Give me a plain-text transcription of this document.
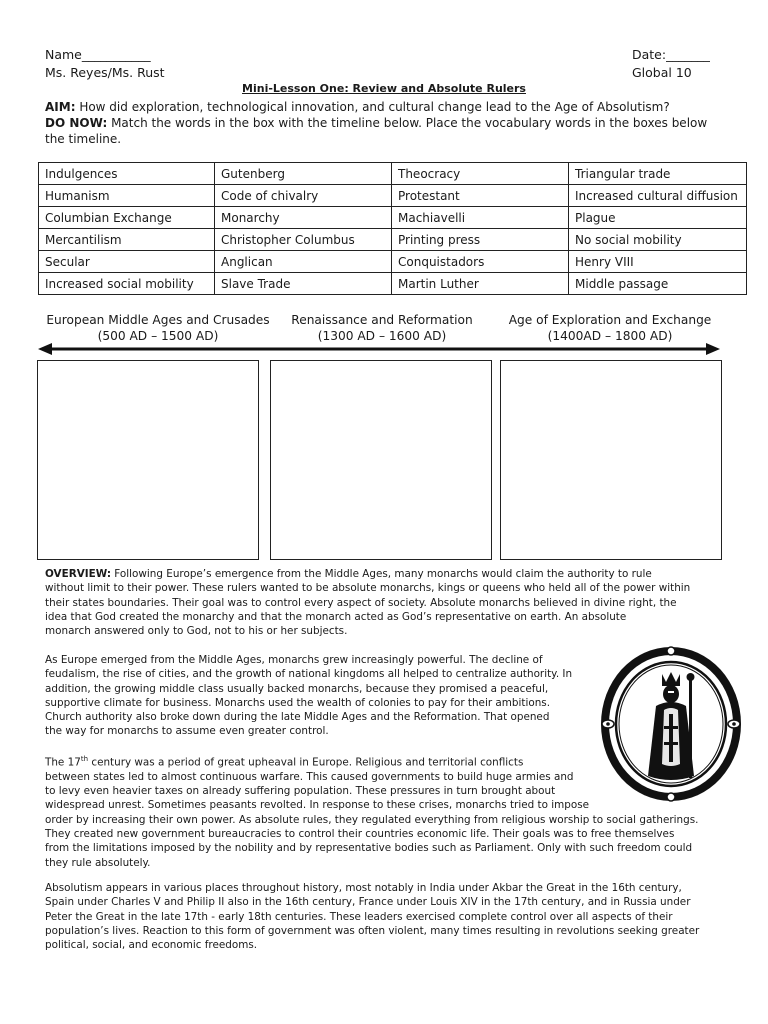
Name___________
Ms. Reyes/Ms. Rust
Date:_______
Global 10
Mini-Lesson One: Review and Absolute Rulers
AIM: How did exploration, technological innovation, and cultural change lead to the Age of Absolutism?
DO NOW: Match the words in the box with the timeline below. Place the vocabulary words in the boxes below the timeline.
Indulgences	Gutenberg	Theocracy	Triangular trade
Humanism	Code of chivalry	Protestant	Increased cultural diffusion
Columbian Exchange	Monarchy	Machiavelli	Plague
Mercantilism	Christopher Columbus	Printing press	No social mobility
Secular	Anglican	Conquistadors	Henry VIII
Increased social mobility	Slave Trade	Martin Luther	Middle passage
European Middle Ages and Crusades
(500 AD – 1500 AD)
Renaissance and Reformation
(1300 AD – 1600 AD)
Age of Exploration and Exchange
(1400AD – 1800 AD)
OVERVIEW: Following Europe’s emergence from the Middle Ages, many monarchs would claim the authority to rule
without limit to their power. These rulers wanted to be absolute monarchs, kings or queens who held all of the power within
their states boundaries. Their goal was to control every aspect of society. Absolute monarchs believed in divine right, the
idea that God created the monarchy and that the monarch acted as God’s representative on earth. An absolute
monarch answered only to God, not to his or her subjects.
As Europe emerged from the Middle Ages, monarchs grew increasingly powerful. The decline of
feudalism, the rise of cities, and the growth of national kingdoms all helped to centralize authority. In
addition, the growing middle class usually backed monarchs, because they promised a peaceful,
supportive climate for business. Monarchs used the wealth of colonies to pay for their ambitions.
Church authority also broke down during the late Middle Ages and the Reformation. That opened
the way for monarchs to assume even greater control.
The 17th century was a period of great upheaval in Europe. Religious and territorial conflicts
between states led to almost continuous warfare. This caused governments to build huge armies and
to levy even heavier taxes on already suffering population. These pressures in turn brought about
widespread unrest. Sometimes peasants revolted. In response to these crises, monarchs tried to impose
order by increasing their own power. As absolute rules, they regulated everything from religious worship to social gatherings.
They created new government bureaucracies to control their countries economic life. Their goals was to free themselves
from the limitations imposed by the nobility and by representative bodies such as Parliament. Only with such freedom could
they rule absolutely.
Absolutism appears in various places throughout history, most notably in India under Akbar the Great in the 16th century,
Spain under Charles V and Philip II also in the 16th century, France under Louis XIV in the 17th century, and in Russia under
Peter the Great in the late 17th - early 18th centuries. These leaders exercised complete control over all aspects of their
population’s lives. Reaction to this form of government was often violent, many times resulting in revolutions seeking greater
political, social, and economic freedoms.
